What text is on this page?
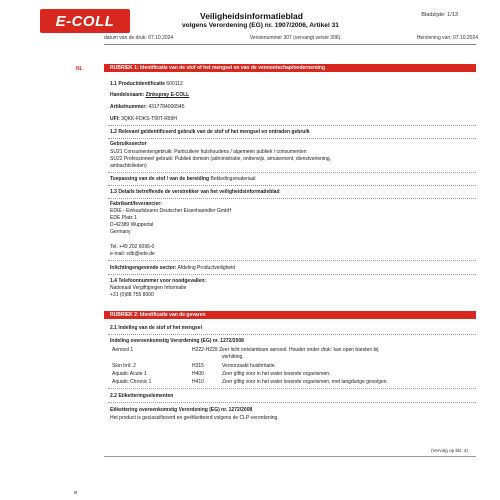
E-COLL	Veiligheidsinformatieblad
volgens Verordening (EG) nr. 1907/2006, Artikel 31
Bladzijde: 1/13
datum van de druk: 07.10.2024	Versienummer 307 (vervangt versie 306)	Herziening van: 07.10.2024
NL	RUBRIEK 1: Identificatie van de stof of het mengsel en van de vennootschap/onderneming
1.1 Productidentificatie 600112
Handelsnaam: Zinkspray E-COLL
Artikelnummer: 4317784006545
UFI: 3QKK-FDKS-T90T-R99H
1.2 Relevant geïdentificeerd gebruik van de stof of het mengsel en ontraden gebruik
Gebruikssector
SU21 Consumentengebruik: Particuliere huishoudens / algemeen publiek / consumenten
SU22 Professioneel gebruik: Publiek domein (administratie, onderwijs, amusement, dienstverlening,
ambachtslieden)
Toepassing van de stof / van de bereiding Bekledingsmateriaal
1.3 Details betreffende de verstrekker van het veiligheidsinformatieblad
Fabrikant/leverancier:
EDIE - Einkaufsbuero Deutscher Eisenhaendler GmbH
EDE Platz 1
D-42389 Wuppertal
Germany
Tel. +49 202 6096-0
e-mail: sdb@ede.de
Inlichtingengevende sector: Afdeling Productveiligheid
1.4 Telefoonnummer voor noodgevallen:
Nationaal Vergiftigingen Informatie
+31 (0)88 755 8000
RUBRIEK 2: Identificatie van de gevaren
2.1 Indeling van de stof of het mengsel
Indeling overeenkomstig Verordening (EG) nr. 1272/2008
Aerosol 1	H222-H229 Zeer licht ontvlambare aerosol. Houder onder druk: kan open barsten bij
verhitting.
Skin Irrit. 2	H315	Veroorzaakt huidirritatie.
Aquatic Acute 1	H400	Zeer giftig voor in het water levende organismen.
Aquatic Chronic 1	H410	Zeer giftig voor in het water levende organismen, met langdurige gevolgen.
2.2 Etiketteringselementen
Etikettering overeenkomstig Verordening (EG) nr. 1272/2008
Het product is geclassificeerd en geëtiketteerd volgens de CLP-verordening.
(Vervolg op blz. 2)
